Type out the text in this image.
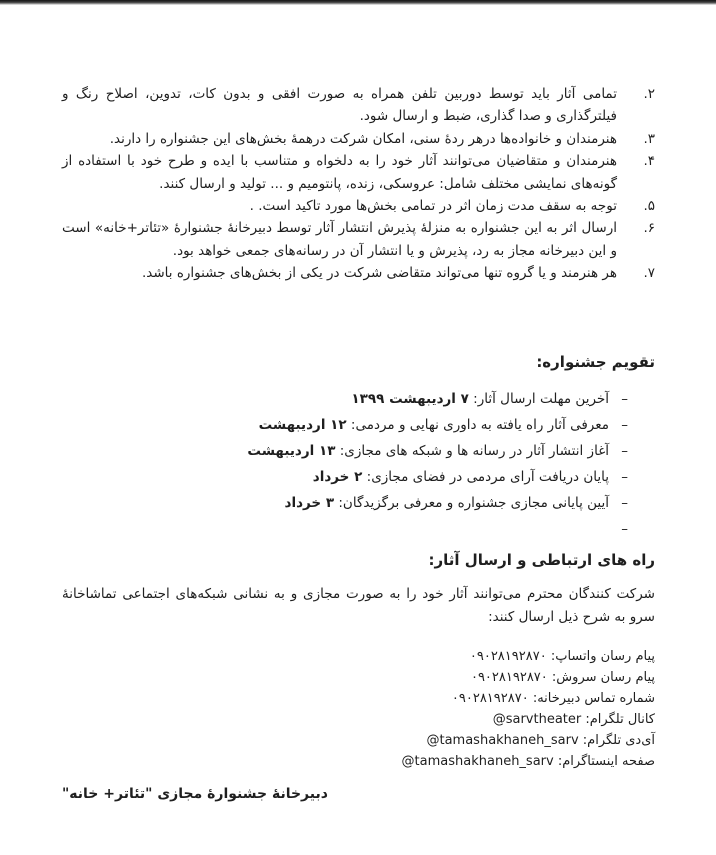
۲.
تمامی آثار باید توسط دوربین تلفن همراه به صورت افقی و بدون کات، تدوین، اصلاح رنگ و فیلترگذاری و صدا گذاری، ضبط و ارسال شود.
۳.
هنرمندان و خانواده‌ها درهر ردهٔ سنی، امکان شرکت درهمهٔ بخش‌های این جشنواره را دارند.
۴.
هنرمندان و متقاضیان می‌توانند آثار خود را به دلخواه و متناسب با ایده و طرح خود با استفاده از گونه‌های نمایشی مختلف شامل: عروسکی، زنده، پانتومیم و ... تولید و ارسال کنند.
۵.
توجه به سقف مدت زمان اثر در تمامی بخش‌ها مورد تاکید است. .
۶.
ارسال اثر به این جشنواره به منزلهٔ پذیرش انتشار آثار توسط دبیرخانهٔ جشنوارهٔ «تئاتر+خانه» است و این دبیرخانه مجاز به رد، پذیرش و یا انتشار آن در رسانه‌های جمعی خواهد بود.
۷.
هر هنرمند و یا گروه تنها می‌تواند متقاضی شرکت در یکی از بخش‌های جشنواره باشد.
تقویم جشنواره:
–
آخرین مهلت ارسال آثار: ۷ اردیبهشت ۱۳۹۹
–
معرفی آثار راه یافته به داوری نهایی و مردمی: ۱۲ اردیبهشت
–
آغاز انتشار آثار در رسانه ها و شبکه های مجازی: ۱۳ اردیبهشت
–
پایان دریافت آرای مردمی در فضای مجازی: ۲ خرداد
–
آیین پایانی مجازی جشنواره و معرفی برگزیدگان: ۳ خرداد
–
راه های ارتباطی و ارسال آثار:
شرکت کنندگان محترم می‌توانند آثار خود را به صورت مجازی و به نشانی شبکه‌های اجتماعی تماشاخانهٔ سرو به شرح ذیل ارسال کنند:
پیام رسان واتساپ: ۰۹۰۲۸۱۹۲۸۷۰
پیام رسان سروش: ۰۹۰۲۸۱۹۲۸۷۰
شماره تماس دبیرخانه: ۰۹۰۲۸۱۹۲۸۷۰
کانال تلگرام: @sarvtheater
آی‌دی تلگرام: @tamashakhaneh_sarv
صفحه اینستاگرام: @tamashakhaneh_sarv
دبیرخانهٔ جشنوارهٔ مجازی "تئاتر+ خانه"
